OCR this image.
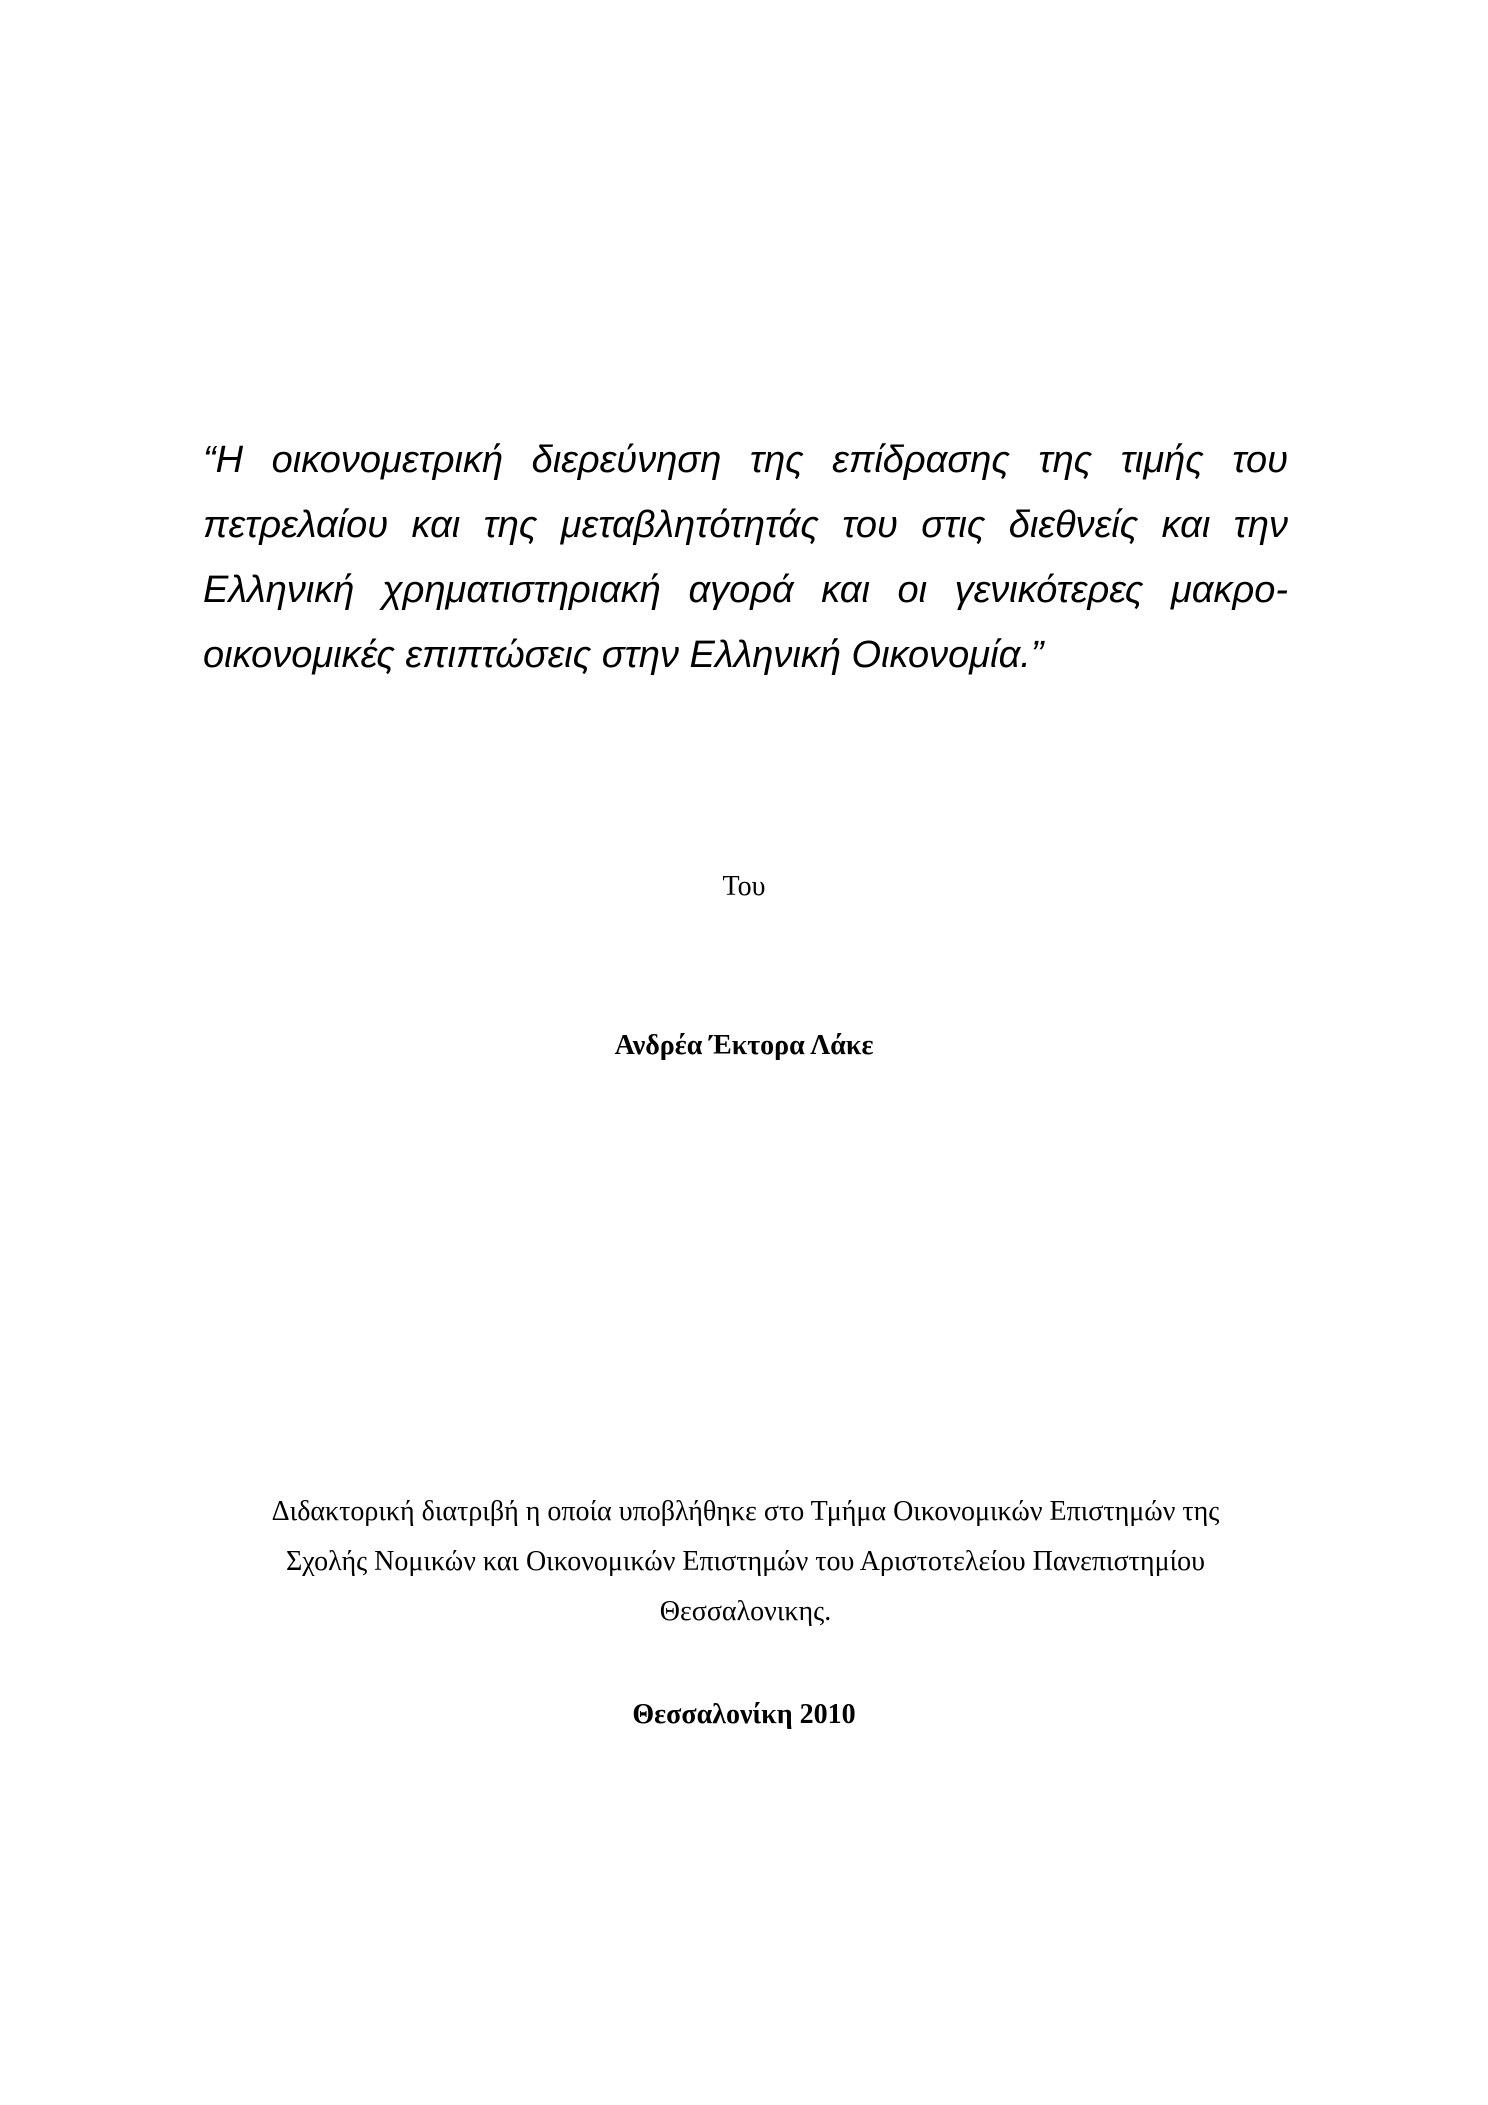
“Η οικονομετρική διερεύνηση της επίδρασης της τιμής του
πετρελαίου και της μεταβλητότητάς του στις διεθνείς και την
Ελληνική χρηματιστηριακή αγορά και οι γενικότερες μακρο-
οικονομικές επιπτώσεις στην Ελληνική Οικονομία.”

Του

Ανδρέα Έκτορα Λάκε

Διδακτορική διατριβή η οποία υποβλήθηκε στο Τμήμα Οικονομικών Επιστημών της
Σχολής Νομικών και Οικονομικών Επιστημών του Αριστοτελείου Πανεπιστημίου
Θεσσαλονικης.

Θεσσαλονίκη 2010
